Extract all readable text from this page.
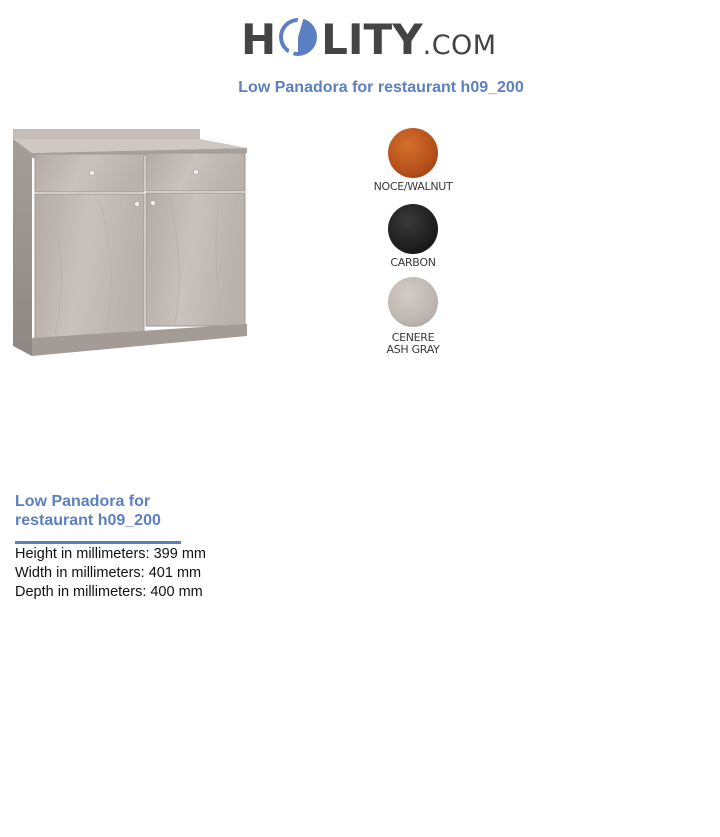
H LITY.COM
Low Panadora for restaurant h09_200
NOCE/WALNUT
CARBON
CENERE
ASH GRAY
Low Panadora for restaurant h09_200
Height in millimeters: 399 mm
Width in millimeters: 401 mm
Depth in millimeters: 400 mm
